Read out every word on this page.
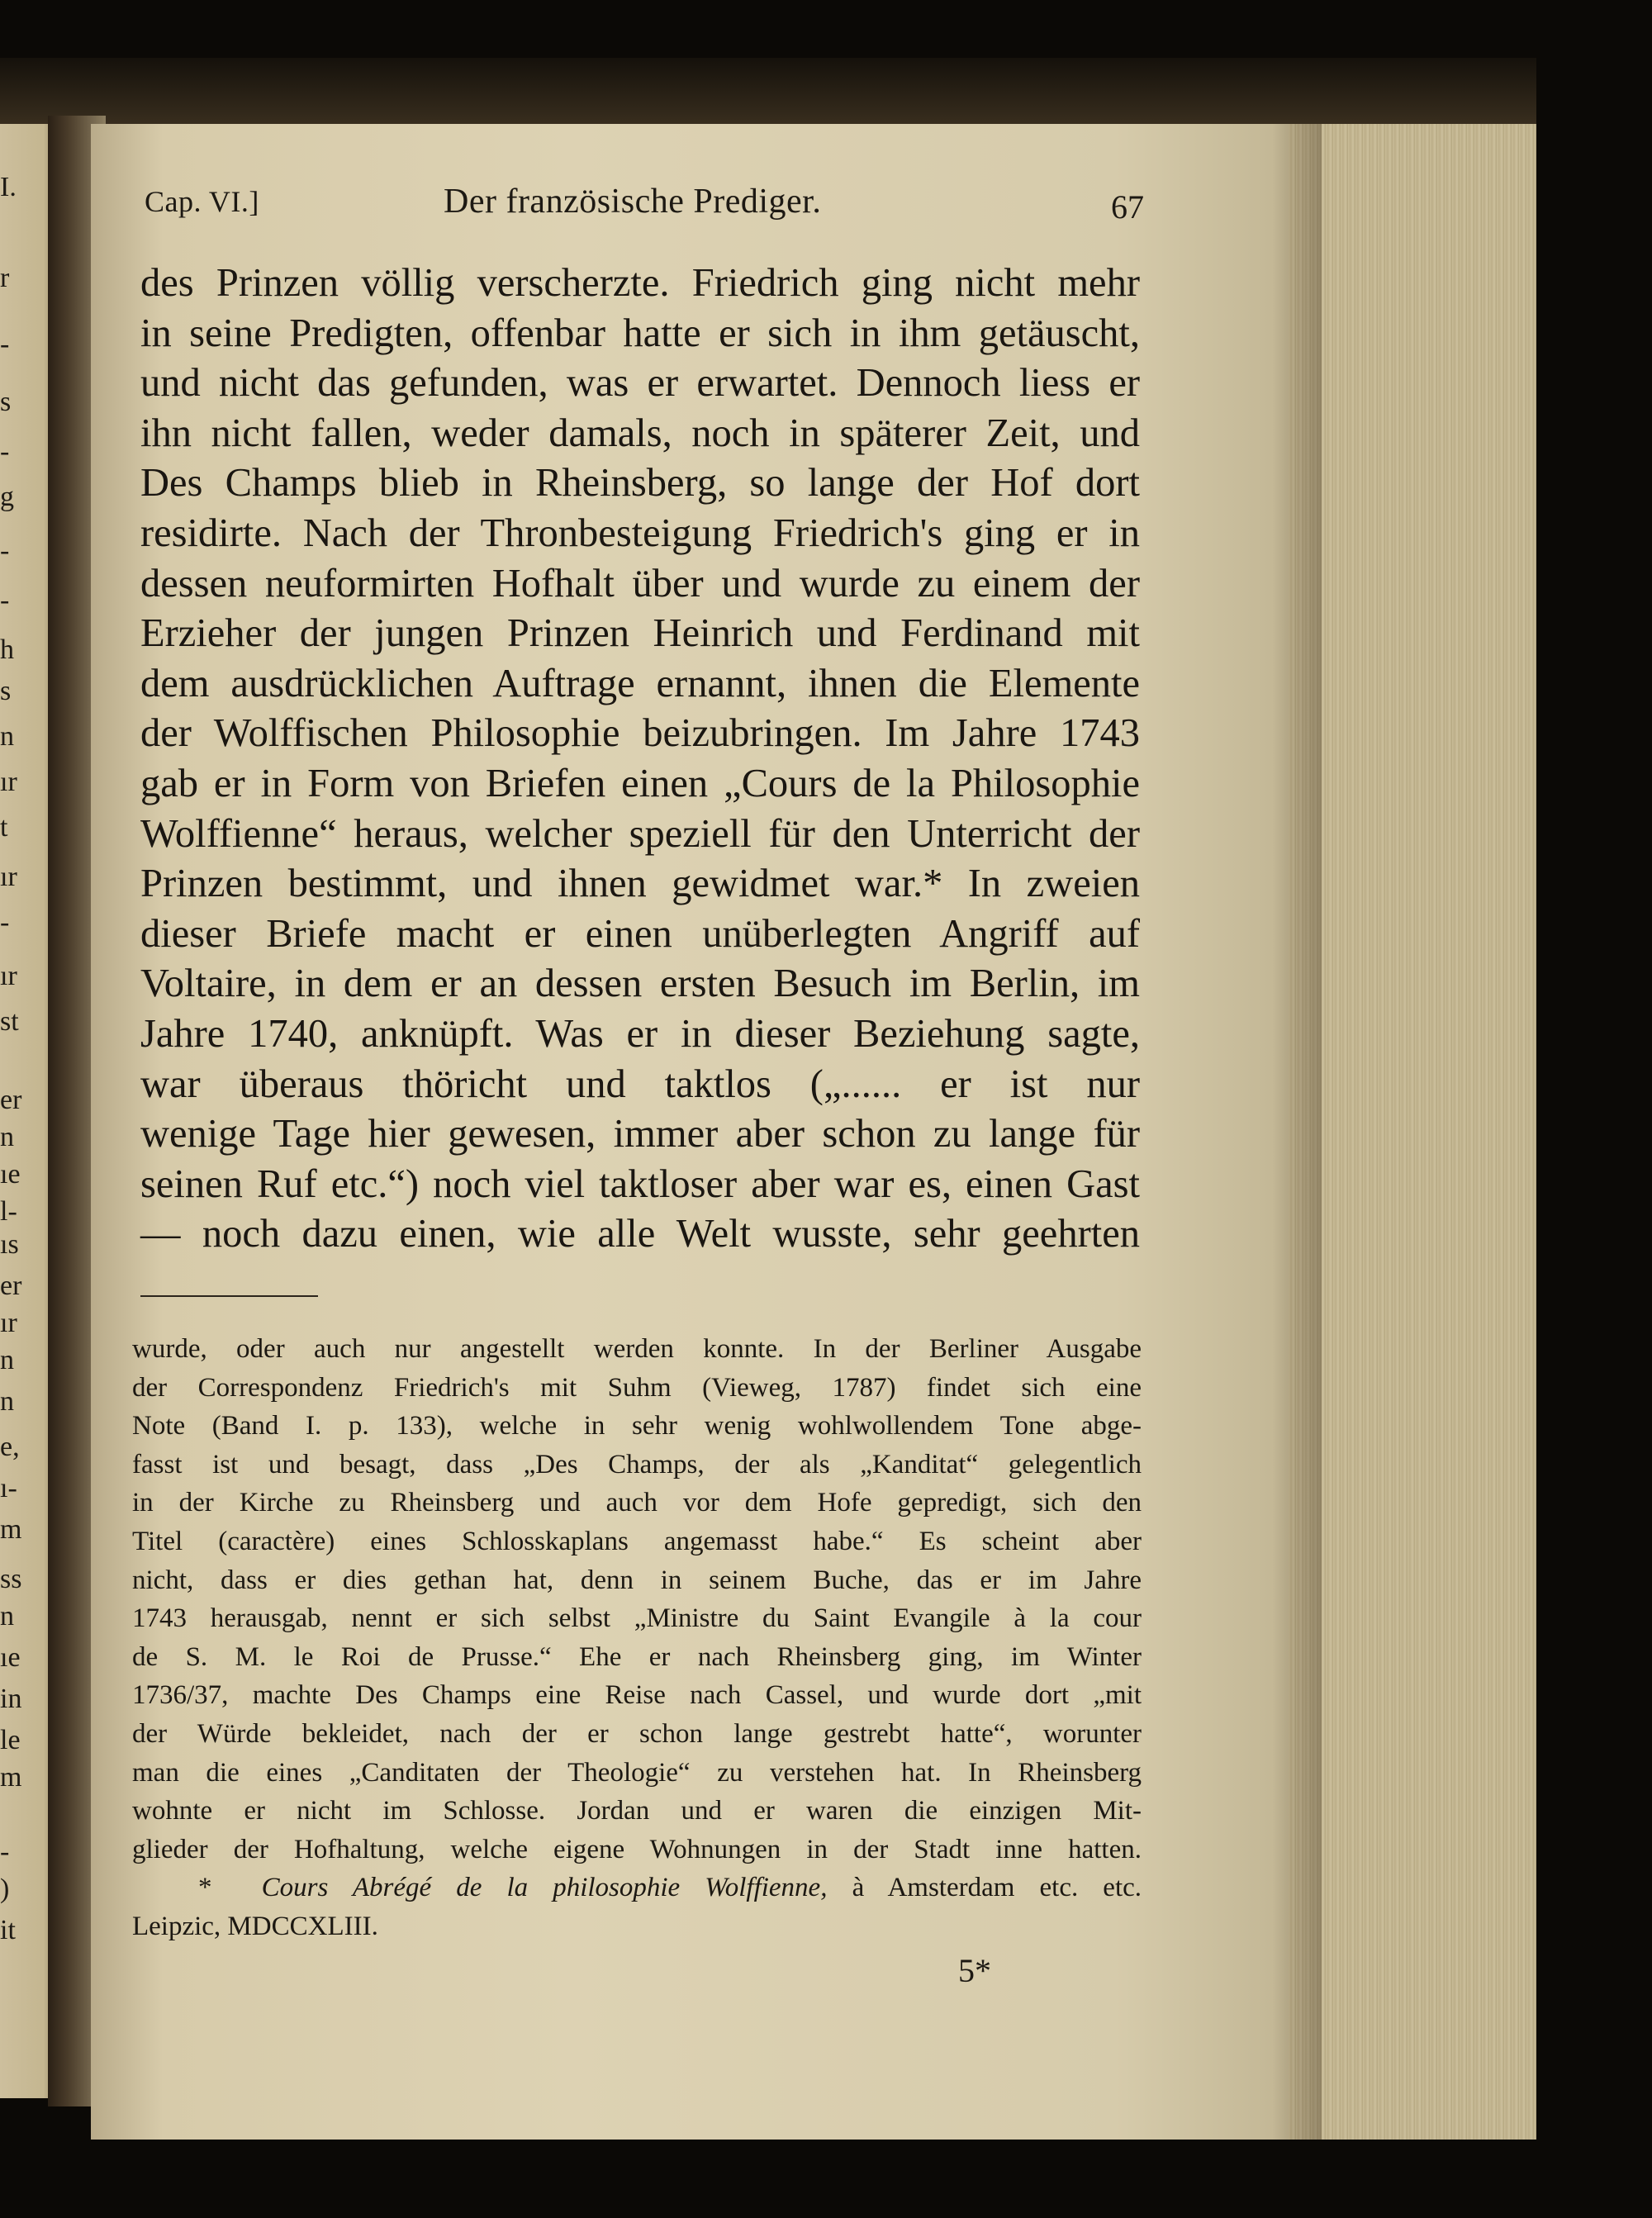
I.
r
-
s
-
g
-
-
h
s
n
ır
t
ır
-
ır
st
er
n
ıe
l-
ıs
er
ır
n
n
e,
ı-
m
ss
n
ıe
in
le
m
-
)
it
Cap. VI.]	Der französische Prediger.	67
des Prinzen völlig verscherzte. Friedrich ging nicht mehr
in seine Predigten, offenbar hatte er sich in ihm getäuscht,
und nicht das gefunden, was er erwartet. Dennoch liess er
ihn nicht fallen, weder damals, noch in späterer Zeit, und
Des Champs blieb in Rheinsberg, so lange der Hof dort
residirte. Nach der Thronbesteigung Friedrich's ging er in
dessen neuformirten Hofhalt über und wurde zu einem der
Erzieher der jungen Prinzen Heinrich und Ferdinand mit
dem ausdrücklichen Auftrage ernannt, ihnen die Elemente
der Wolffischen Philosophie beizubringen. Im Jahre 1743
gab er in Form von Briefen einen „Cours de la Philosophie
Wolffienne“ heraus, welcher speziell für den Unterricht der
Prinzen bestimmt, und ihnen gewidmet war.* In zweien
dieser Briefe macht er einen unüberlegten Angriff auf
Voltaire, in dem er an dessen ersten Besuch im Berlin, im
Jahre 1740, anknüpft. Was er in dieser Beziehung sagte,
war überaus thöricht und taktlos („...... er ist nur
wenige Tage hier gewesen, immer aber schon zu lange für
seinen Ruf etc.“) noch viel taktloser aber war es, einen Gast
— noch dazu einen, wie alle Welt wusste, sehr geehrten
wurde, oder auch nur angestellt werden konnte. In der Berliner Ausgabe
der Correspondenz Friedrich's mit Suhm (Vieweg, 1787) findet sich eine
Note (Band I. p. 133), welche in sehr wenig wohlwollendem Tone abge-
fasst ist und besagt, dass „Des Champs, der als „Kanditat“ gelegentlich
in der Kirche zu Rheinsberg und auch vor dem Hofe gepredigt, sich den
Titel (caractère) eines Schlosskaplans angemasst habe.“ Es scheint aber
nicht, dass er dies gethan hat, denn in seinem Buche, das er im Jahre
1743 herausgab, nennt er sich selbst „Ministre du Saint Evangile à la cour
de S. M. le Roi de Prusse.“ Ehe er nach Rheinsberg ging, im Winter
1736/37, machte Des Champs eine Reise nach Cassel, und wurde dort „mit
der Würde bekleidet, nach der er schon lange gestrebt hatte“, worunter
man die eines „Canditaten der Theologie“ zu verstehen hat. In Rheinsberg
wohnte er nicht im Schlosse. Jordan und er waren die einzigen Mit-
glieder der Hofhaltung, welche eigene Wohnungen in der Stadt inne hatten.
* Cours Abrégé de la philosophie Wolffienne, à Amsterdam etc. etc.
Leipzic, MDCCXLIII.
5*
